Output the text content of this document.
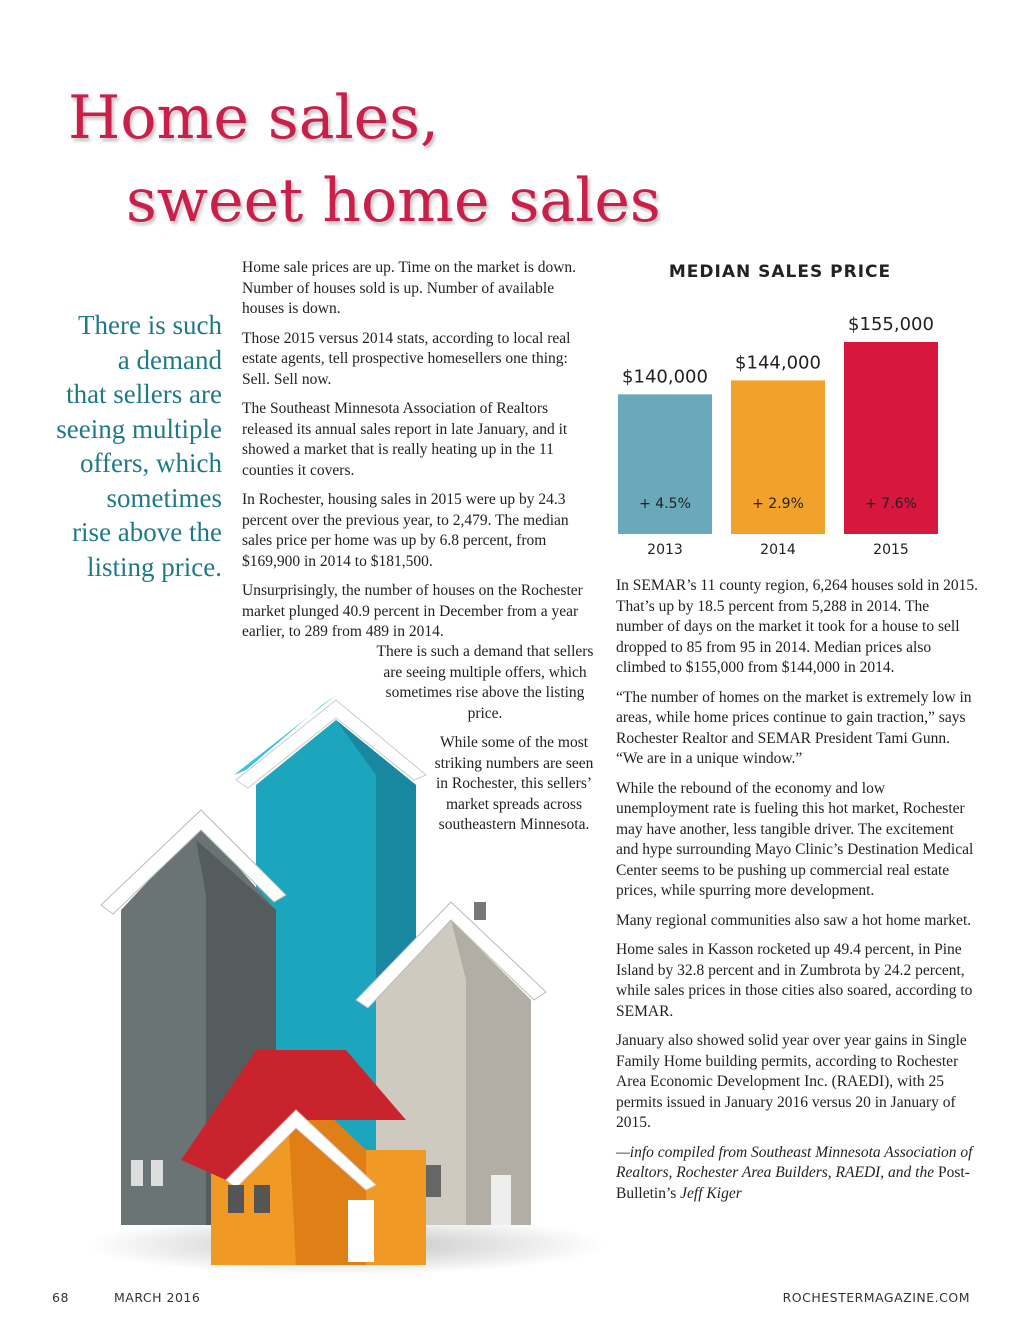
Home sales,
sweet home sales
There is such
a demand
that sellers are
seeing multiple
offers, which
sometimes
rise above the
listing price.

Home sale prices are up. Time on the market is down. Number of houses sold is up. Number of available houses is down.

Those 2015 versus 2014 stats, according to local real estate agents, tell prospective homesellers one thing: Sell. Sell now.

The Southeast Minnesota Association of Realtors released its annual sales report in late January, and it showed a market that is really heating up in the 11 counties it covers.

In Rochester, housing sales in 2015 were up by 24.3 percent over the previous year, to 2,479. The median sales price per home was up by 6.8 percent, from $169,900 in 2014 to $181,500.

Unsurprisingly, the number of houses on the Rochester market plunged 40.9 percent in December from a year earlier, to 289 from 489 in 2014.

There is such a demand that sellers are seeing multiple offers, which sometimes rise above the listing price.
While some of the most striking numbers are seen in Rochester, this sellers’ market spreads across southeastern Minnesota.
MEDIAN SALES PRICE
$140,000
+ 4.5%
2013
$144,000
+ 2.9%
2014
$155,000
+ 7.6%
2015

In SEMAR’s 11 county region, 6,264 houses sold in 2015. That’s up by 18.5 percent from 5,288 in 2014. The number of days on the market it took for a house to sell dropped to 85 from 95 in 2014. Median prices also climbed to $155,000 from $144,000 in 2014.

“The number of homes on the market is extremely low in areas, while home prices continue to gain traction,” says Rochester Realtor and SEMAR President Tami Gunn. “We are in a unique window.”

While the rebound of the economy and low unemployment rate is fueling this hot market, Rochester may have another, less tangible driver. The excitement and hype surrounding Mayo Clinic’s Destination Medical Center seems to be pushing up commercial real estate prices, while spurring more development.

Many regional communities also saw a hot home market.

Home sales in Kasson rocketed up 49.4 percent, in Pine Island by 32.8 percent and in Zumbrota by 24.2 percent, while sales prices in those cities also soared, according to SEMAR.

January also showed solid year over year gains in Single Family Home building permits, according to Rochester Area Economic Development Inc. (RAEDI), with 25 permits issued in January 2016 versus 20 in January of 2015.

—info compiled from Southeast Minnesota Association of Realtors, Rochester Area Builders, RAEDI, and the Post-Bulletin’s Jeff Kiger

68	MARCH 2016	ROCHESTERMAGAZINE.COM
